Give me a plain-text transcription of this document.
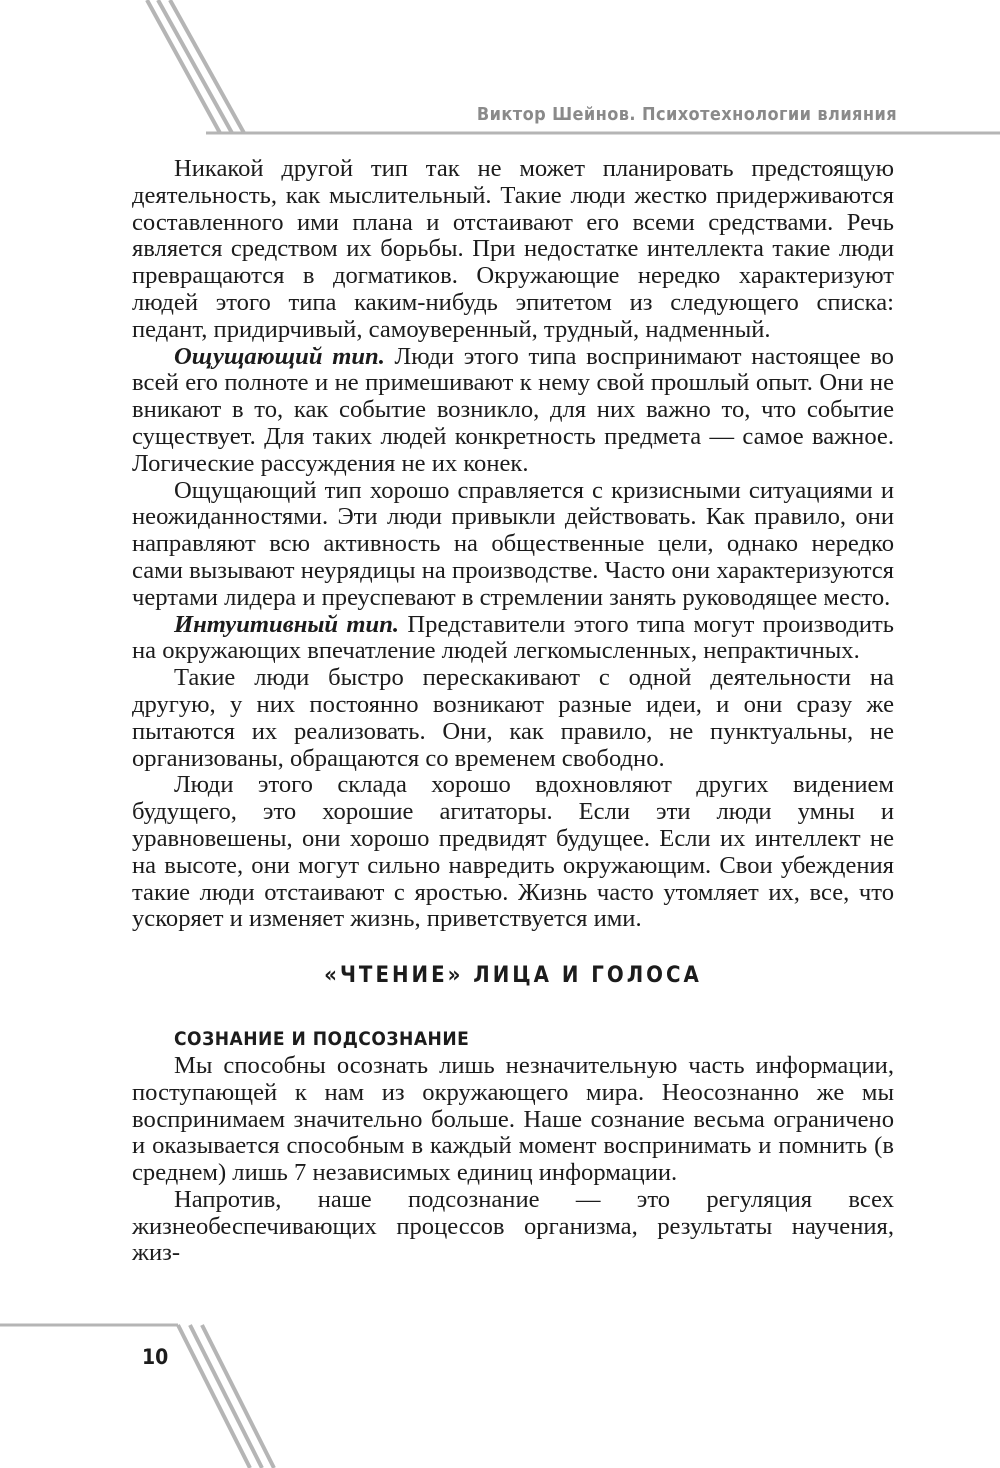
Виктор Шейнов. Психотехнологии влияния

Никакой другой тип так не может планировать предстоящую деятельность, как мыслительный. Такие люди жестко придерживаются составленного ими плана и отстаивают его всеми средствами. Речь является средством их борьбы. При недостатке интеллекта такие люди превращаются в догматиков. Окружающие нередко характеризуют людей этого типа каким-нибудь эпитетом из следующего списка: педант, придирчивый, самоуверенный, трудный, надменный.

Ощущающий тип. Люди этого типа воспринимают настоящее во всей его полноте и не примешивают к нему свой прошлый опыт. Они не вникают в то, как событие возникло, для них важно то, что событие существует. Для таких людей конкретность предмета — самое важное. Логические рассуждения не их конек.

Ощущающий тип хорошо справляется с кризисными ситуациями и неожиданностями. Эти люди привыкли действовать. Как правило, они направляют всю активность на общественные цели, однако нередко сами вызывают неурядицы на производстве. Часто они характеризуются чертами лидера и преуспевают в стремлении занять руководящее место.

Интуитивный тип. Представители этого типа могут производить на окружающих впечатление людей легкомысленных, непрактичных.

Такие люди быстро перескакивают с одной деятельности на другую, у них постоянно возникают разные идеи, и они сразу же пытаются их реализовать. Они, как правило, не пунктуальны, не организованы, обращаются со временем свободно.

Люди этого склада хорошо вдохновляют других видением будущего, это хорошие агитаторы. Если эти люди умны и уравновешены, они хорошо предвидят будущее. Если их интеллект не на высоте, они могут сильно навредить окружающим. Свои убеждения такие люди отстаивают с яростью. Жизнь часто утомляет их, все, что ускоряет и изменяет жизнь, приветствуется ими.

«ЧТЕНИЕ» ЛИЦА И ГОЛОСА
СОЗНАНИЕ И ПОДСОЗНАНИЕ

Мы способны осознать лишь незначительную часть информации, поступающей к нам из окружающего мира. Неосознанно же мы воспринимаем значительно больше. Наше сознание весьма ограничено и оказывается способным в каждый момент воспринимать и помнить (в среднем) лишь 7 независимых единиц информации.

Напротив, наше подсознание — это регуляция всех жизнеобеспечивающих процессов организма, результаты научения, жиз-

10
